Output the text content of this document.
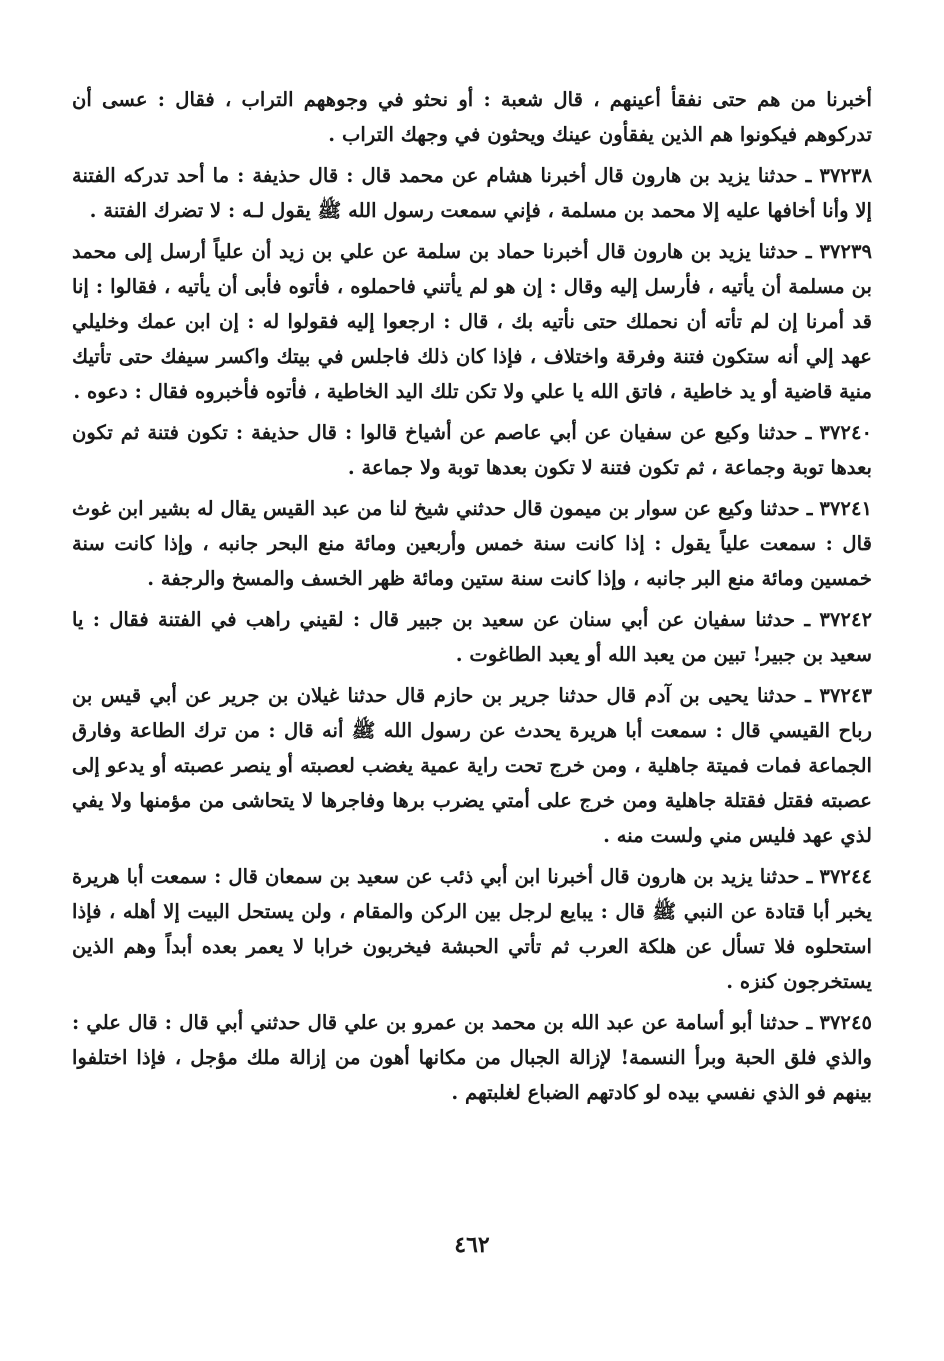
أخبرنا من هم حتى نفقأ أعينهم ، قال شعبة : أو نحثو في وجوههم التراب ، فقال : عسى أن تدركوهم فيكونوا هم الذين يفقأون عينك ويحثون في وجهك التراب .

٣٧٢٣٨ ـ حدثنا يزيد بن هارون قال أخبرنا هشام عن محمد قال : قال حذيفة : ما أحد تدركه الفتنة إلا وأنا أخافها عليه إلا محمد بن مسلمة ، فإني سمعت رسول الله ﷺ يقول لـه : لا تضرك الفتنة .

٣٧٢٣٩ ـ حدثنا يزيد بن هارون قال أخبرنا حماد بن سلمة عن علي بن زيد أن علياً أرسل إلى محمد بن مسلمة أن يأتيه ، فأرسل إليه وقال : إن هو لم يأتني فاحملوه ، فأتوه فأبى أن يأتيه ، فقالوا : إنا قد أمرنا إن لم تأته أن نحملك حتى نأتيه بك ، قال : ارجعوا إليه فقولوا له : إن ابن عمك وخليلي عهد إلي أنه ستكون فتنة وفرقة واختلاف ، فإذا كان ذلك فاجلس في بيتك واكسر سيفك حتى تأتيك منية قاضية أو يد خاطية ، فاتق الله يا علي ولا تكن تلك اليد الخاطية ، فأتوه فأخبروه فقال : دعوه .

٣٧٢٤٠ ـ حدثنا وكيع عن سفيان عن أبي عاصم عن أشياخ قالوا : قال حذيفة : تكون فتنة ثم تكون بعدها توبة وجماعة ، ثم تكون فتنة لا تكون بعدها توبة ولا جماعة .

٣٧٢٤١ ـ حدثنا وكيع عن سوار بن ميمون قال حدثني شيخ لنا من عبد القيس يقال له بشير ابن غوث قال : سمعت علياً يقول : إذا كانت سنة خمس وأربعين ومائة منع البحر جانبه ، وإذا كانت سنة خمسين ومائة منع البر جانبه ، وإذا كانت سنة ستين ومائة ظهر الخسف والمسخ والرجفة .

٣٧٢٤٢ ـ حدثنا سفيان عن أبي سنان عن سعيد بن جبير قال : لقيني راهب في الفتنة فقال : يا سعيد بن جبير! تبين من يعبد الله أو يعبد الطاغوت .

٣٧٢٤٣ ـ حدثنا يحيى بن آدم قال حدثنا جرير بن حازم قال حدثنا غيلان بن جرير عن أبي قيس بن رباح القيسي قال : سمعت أبا هريرة يحدث عن رسول الله ﷺ أنه قال : من ترك الطاعة وفارق الجماعة فمات فميتة جاهلية ، ومن خرج تحت راية عمية يغضب لعصبته أو ينصر عصبته أو يدعو إلى عصبته فقتل فقتلة جاهلية ومن خرج على أمتي يضرب برها وفاجرها لا يتحاشى من مؤمنها ولا يفي لذي عهد فليس مني ولست منه .

٣٧٢٤٤ ـ حدثنا يزيد بن هارون قال أخبرنا ابن أبي ذئب عن سعيد بن سمعان قال : سمعت أبا هريرة يخبر أبا قتادة عن النبي ﷺ قال : يبايع لرجل بين الركن والمقام ، ولن يستحل البيت إلا أهله ، فإذا استحلوه فلا تسأل عن هلكة العرب ثم تأتي الحبشة فيخربون خرابا لا يعمر بعده أبداً وهم الذين يستخرجون كنزه .

٣٧٢٤٥ ـ حدثنا أبو أسامة عن عبد الله بن محمد بن عمرو بن علي قال حدثني أبي قال : قال علي : والذي فلق الحبة وبرأ النسمة! لإزالة الجبال من مكانها أهون من إزالة ملك مؤجل ، فإذا اختلفوا بينهم فو الذي نفسي بيده لو كادتهم الضباع لغلبتهم .

٤٦٢
